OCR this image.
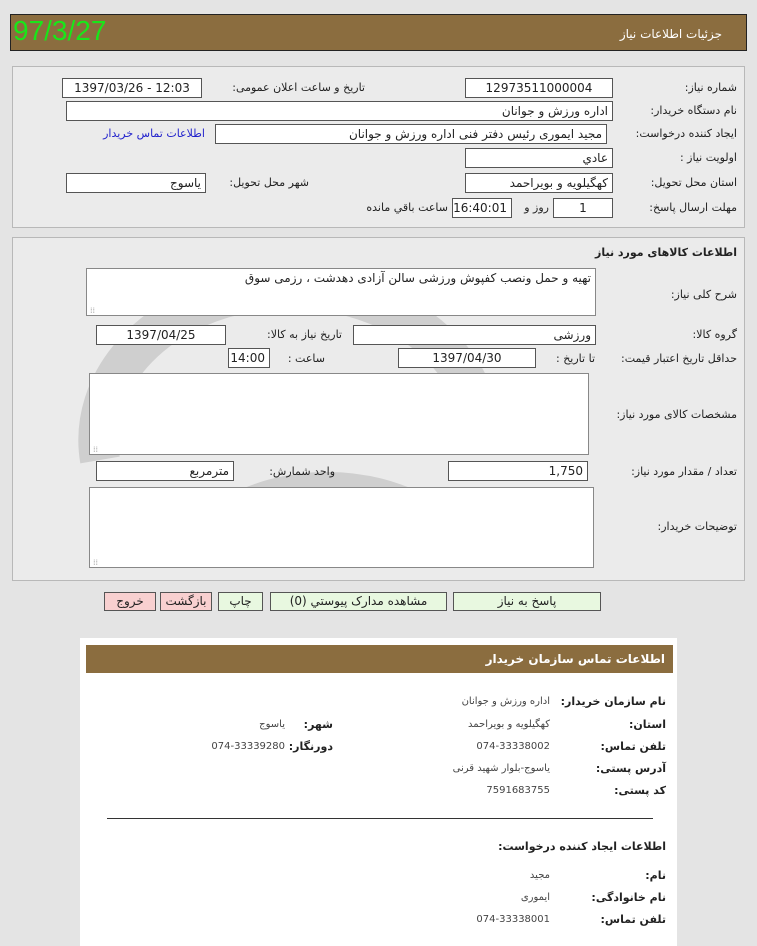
97/3/27	جزئیات اطلاعات نیاز
شماره نیاز:
12973511000004
تاریخ و ساعت اعلان عمومی:
1397/03/26 - 12:03
نام دستگاه خریدار:
اداره ورزش و جوانان
ایجاد کننده درخواست:
مجید ایموری رئیس دفتر فنی اداره ورزش و جوانان
اطلاعات تماس خریدار
اولویت نیاز :
عادي
استان محل تحویل:
کهگیلویه و بویراحمد
شهر محل تحویل:
یاسوج
مهلت ارسال پاسخ:
1
روز و
16:40:01
ساعت باقي مانده
اطلاعات کالاهای مورد نیاز
شرح کلی نیاز:
تهیه و حمل ونصب کفپوش ورزشی سالن آزادی دهدشت ، رزمی سوق ⁞⁞
گروه کالا:
ورزشی
تاریخ نیاز به کالا:
1397/04/25
حداقل تاریخ اعتبار قیمت:
تا تاریخ :
1397/04/30
ساعت :
14:00
مشخصات کالای مورد نیاز:
⁞⁞
تعداد / مقدار مورد نیاز:
1,750
واحد شمارش:
مترمربع
توضیحات خریدار:
⁞⁞
پاسخ به نیاز
مشاهده مدارک پیوستي (0)
چاپ
بازگشت
خروج
اطلاعات تماس سازمان خریدار
نام سازمان خریدار:
اداره ورزش و جوانان
استان:
کهگیلویه و بویراحمد
شهر:
یاسوج
تلفن تماس:
074-33338002
دورنگار:
074-33339280
آدرس پستی:
یاسوج-بلوار شهید قرنی
کد پستی:
7591683755
اطلاعات ایجاد کننده درخواست:
نام:
مجید
نام خانوادگی:
ایموری
تلفن تماس:
074-33338001
